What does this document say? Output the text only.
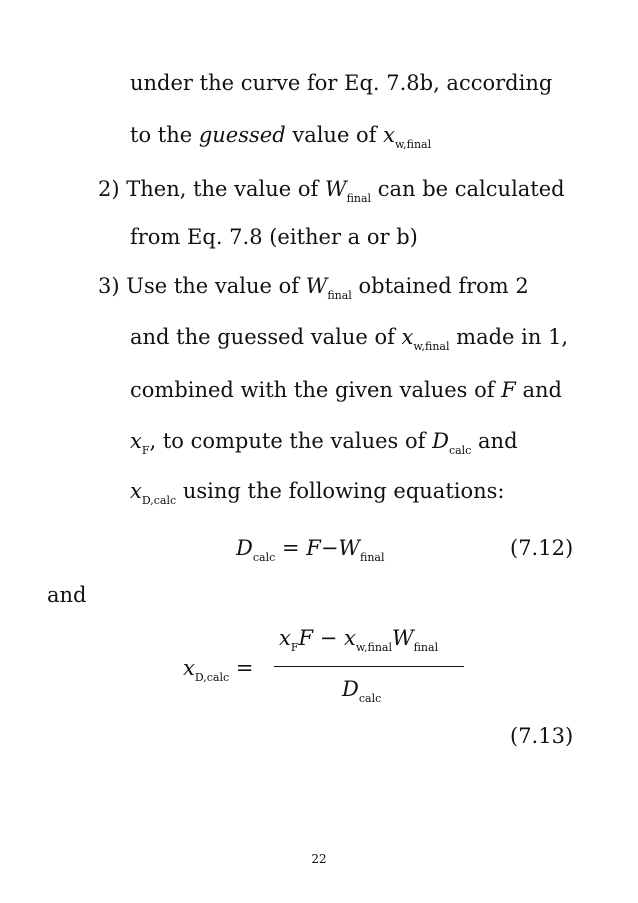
under the curve for Eq. 7.8b, according
to the guessed value of $x_{w,final}$
2) Then, the value of $W_{final}$ can be calculated
from Eq. 7.8 (either a or b)
3) Use the value of $W_{final}$ obtained from 2
and the guessed value of $x_{w,final}$ made in 1,
combined with the given values of F and
$x_F$, to compute the values of $D_{calc}$ and
$x_{D,calc}$ using the following equations:
$D_{calc} = F-W_{final}$	(7.12)
and
$x_{D,calc}$ =
$x_FF - x_{w,final}W_{final}$
$D_{calc}$
(7.13)
22
